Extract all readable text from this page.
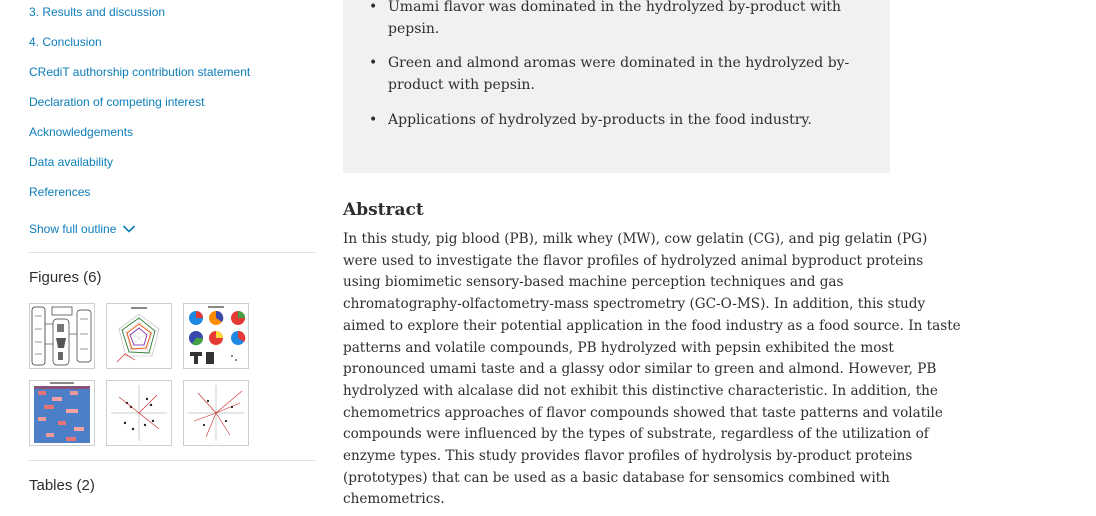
3. Results and discussion
4. Conclusion
CRediT authorship contribution statement
Declaration of competing interest
Acknowledgements
Data availability
References
Show full outline
Figures (6)
Tables (2)
• Umami flavor was dominated in the hydrolyzed by-product with
pepsin.
• Green and almond aromas were dominated in the hydrolyzed by-
product with pepsin.
• Applications of hydrolyzed by-products in the food industry.
Abstract
In this study, pig blood (PB), milk whey (MW), cow gelatin (CG), and pig gelatin (PG)
were used to investigate the flavor profiles of hydrolyzed animal byproduct proteins
using biomimetic sensory-based machine perception techniques and gas
chromatography-olfactometry-mass spectrometry (GC-O-MS). In addition, this study
aimed to explore their potential application in the food industry as a food source. In taste
patterns and volatile compounds, PB hydrolyzed with pepsin exhibited the most
pronounced umami taste and a glassy odor similar to green and almond. However, PB
hydrolyzed with alcalase did not exhibit this distinctive characteristic. In addition, the
chemometrics approaches of flavor compounds showed that taste patterns and volatile
compounds were influenced by the types of substrate, regardless of the utilization of
enzyme types. This study provides flavor profiles of hydrolysis by-product proteins
(prototypes) that can be used as a basic database for sensomics combined with
chemometrics.
